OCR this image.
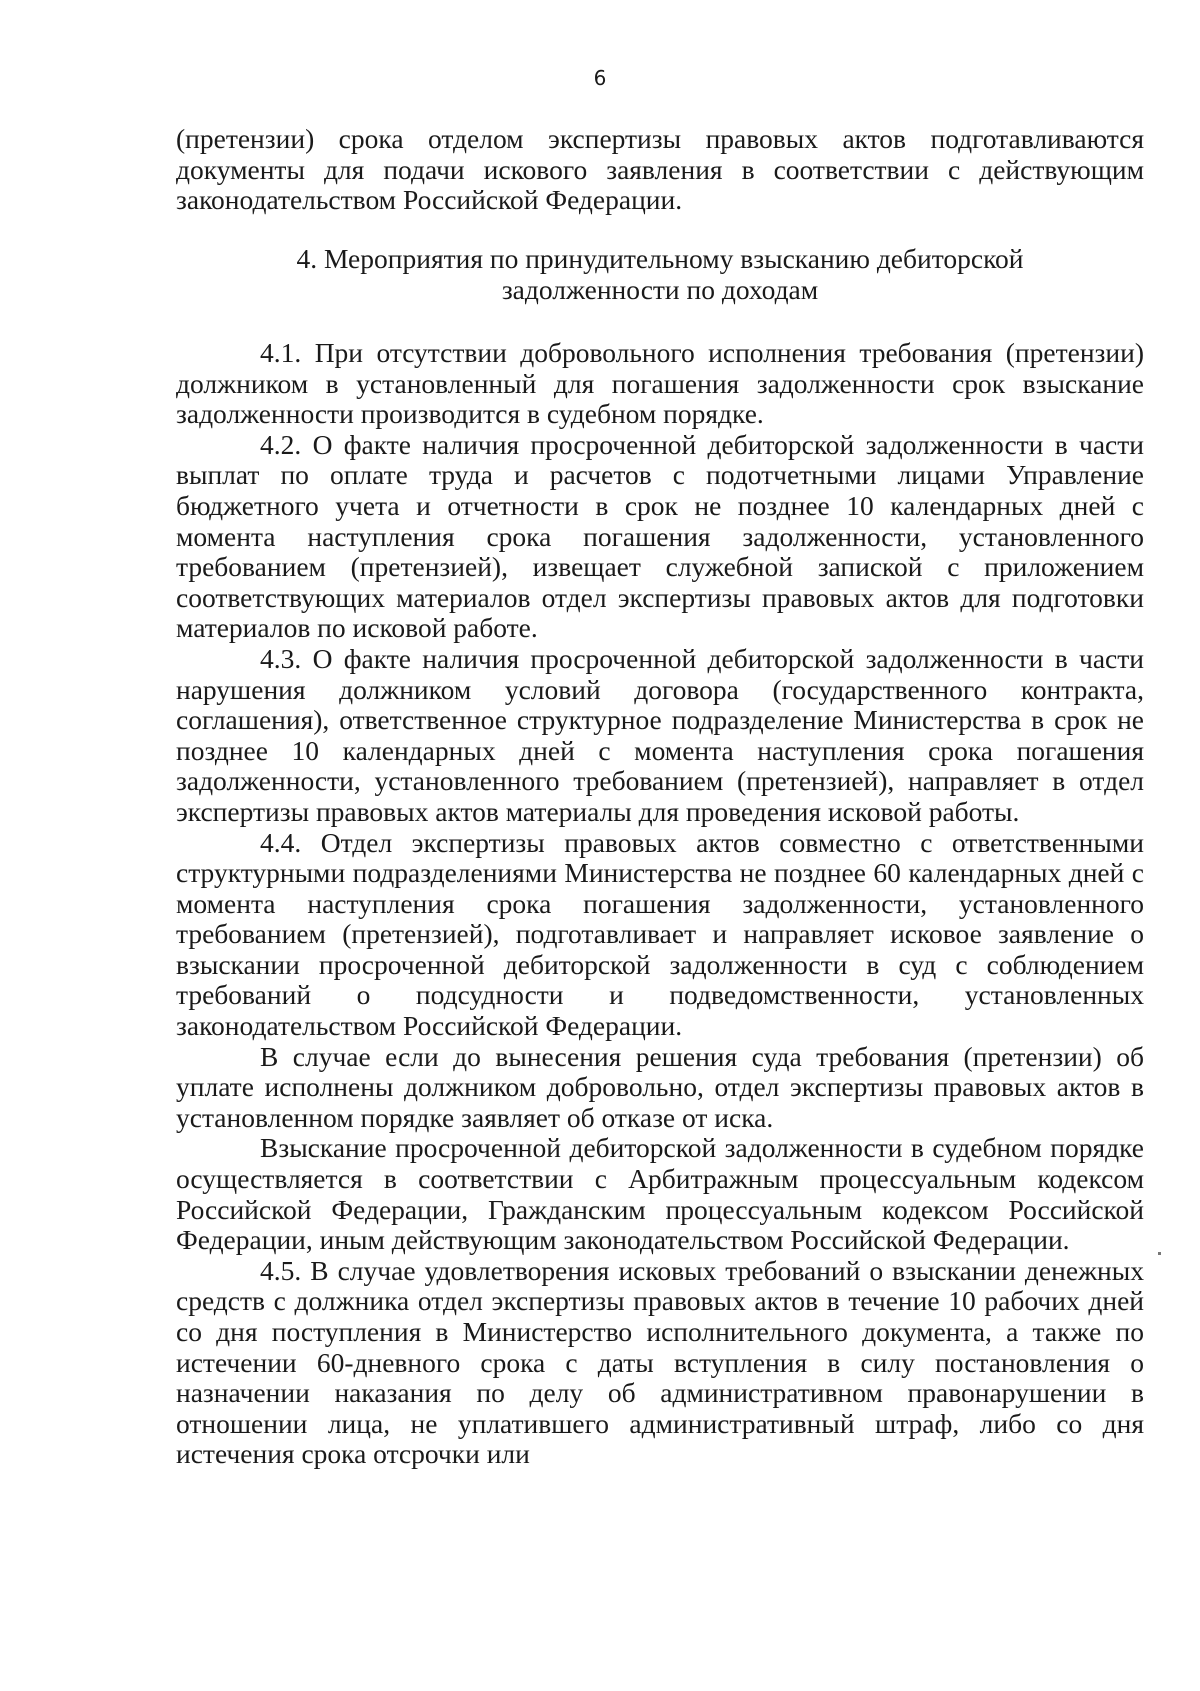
6

(претензии) срока отделом экспертизы правовых актов подготавливаются документы для подачи искового заявления в соответствии с действующим законодательством Российской Федерации.

4. Мероприятия по принудительному взысканию дебиторской
задолженности по доходам

4.1. При отсутствии добровольного исполнения требования (претензии) должником в установленный для погашения задолженности срок взыскание задолженности производится в судебном порядке.

4.2. О факте наличия просроченной дебиторской задолженности в части выплат по оплате труда и расчетов с подотчетными лицами Управление бюджетного учета и отчетности в срок не позднее 10 календарных дней с момента наступления срока погашения задолженности, установленного требованием (претензией), извещает служебной запиской с приложением соответствующих материалов отдел экспертизы правовых актов для подготовки материалов по исковой работе.

4.3. О факте наличия просроченной дебиторской задолженности в части нарушения должником условий договора (государственного контракта, соглашения), ответственное структурное подразделение Министерства в срок не позднее 10 календарных дней с момента наступления срока погашения задолженности, установленного требованием (претензией), направляет в отдел экспертизы правовых актов материалы для проведения исковой работы.

4.4. Отдел экспертизы правовых актов совместно с ответственными структурными подразделениями Министерства не позднее 60 календарных дней с момента наступления срока погашения задолженности, установленного требованием (претензией), подготавливает и направляет исковое заявление о взыскании просроченной дебиторской задолженности в суд с соблюдением требований о подсудности и подведомственности, установленных законодательством Российской Федерации.

В случае если до вынесения решения суда требования (претензии) об уплате исполнены должником добровольно, отдел экспертизы правовых актов в установленном порядке заявляет об отказе от иска.

Взыскание просроченной дебиторской задолженности в судебном порядке осуществляется в соответствии с Арбитражным процессуальным кодексом Российской Федерации, Гражданским процессуальным кодексом Российской Федерации, иным действующим законодательством Российской Федерации.

4.5. В случае удовлетворения исковых требований о взыскании денежных средств с должника отдел экспертизы правовых актов в течение 10 рабочих дней со дня поступления в Министерство исполнительного документа, а также по истечении 60-дневного срока с даты вступления в силу постановления о назначении наказания по делу об административном правонарушении в отношении лица, не уплатившего административный штраф, либо со дня истечения срока отсрочки или
